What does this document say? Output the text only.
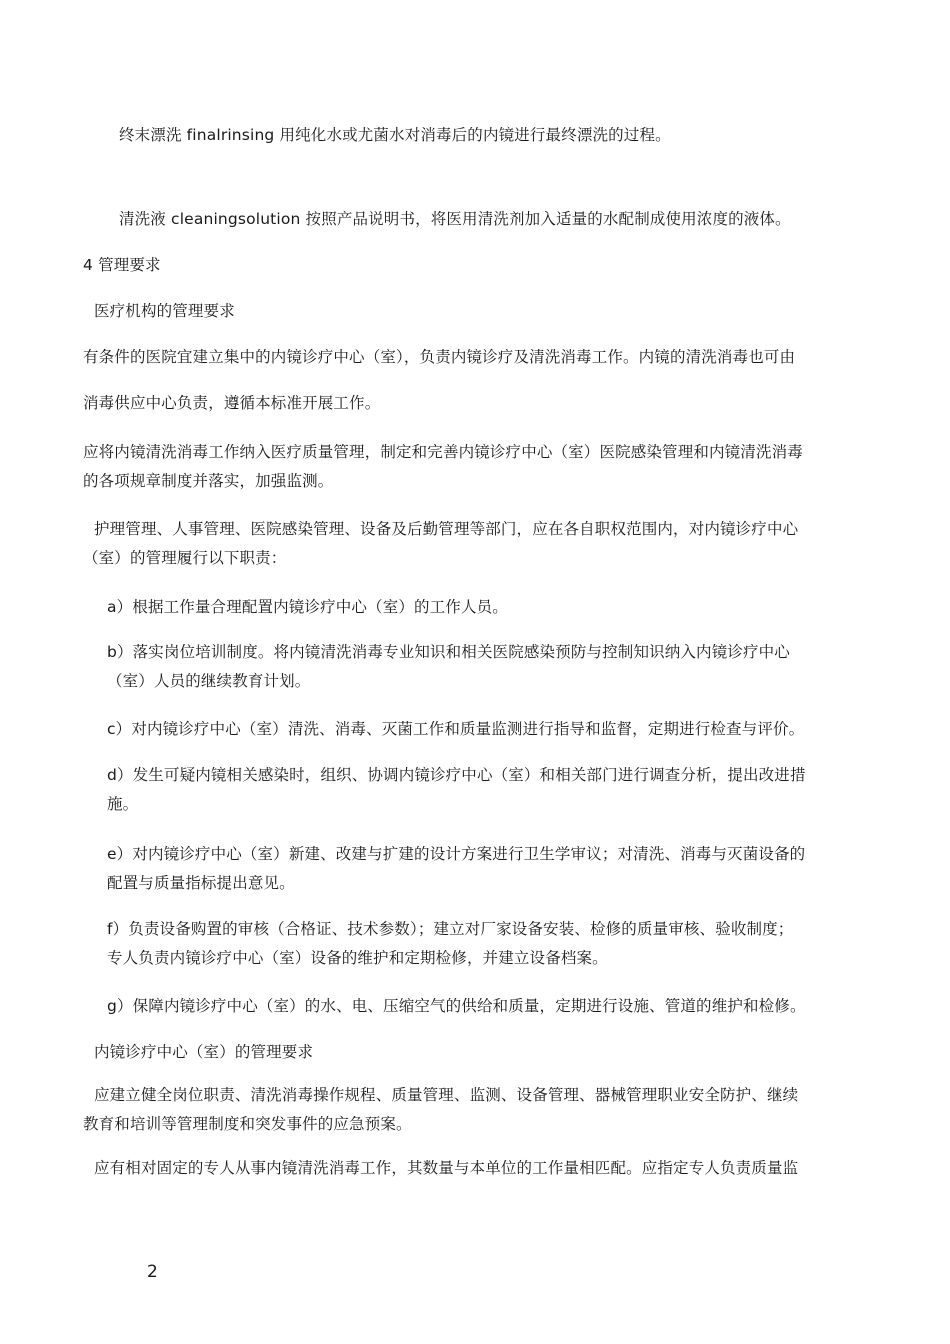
终末漂洗 finalrinsing 用纯化水或尤菌水对消毒后的内镜进行最终漂洗的过程。
清洗液 cleaningsolution 按照产品说明书，将医用清洗剂加入适量的水配制成使用浓度的液体。
4 管理要求
医疗机构的管理要求
有条件的医院宜建立集中的内镜诊疗中心（室），负责内镜诊疗及清洗消毒工作。内镜的清洗消毒也可由
消毒供应中心负责，遵循本标准开展工作。
应将内镜清洗消毒工作纳入医疗质量管理，制定和完善内镜诊疗中心（室）医院感染管理和内镜清洗消毒
的各项规章制度并落实，加强监测。
护理管理、人事管理、医院感染管理、设备及后勤管理等部门，应在各自职权范围内，对内镜诊疗中心
（室）的管理履行以下职责：
a）根据工作量合理配置内镜诊疗中心（室）的工作人员。
b）落实岗位培训制度。将内镜清洗消毒专业知识和相关医院感染预防与控制知识纳入内镜诊疗中心
（室）人员的继续教育计划。
c）对内镜诊疗中心（室）清洗、消毒、灭菌工作和质量监测进行指导和监督，定期进行检查与评价。
d）发生可疑内镜相关感染时，组织、协调内镜诊疗中心（室）和相关部门进行调查分析，提出改进措
施。
e）对内镜诊疗中心（室）新建、改建与扩建的设计方案进行卫生学审议；对清洗、消毒与灭菌设备的
配置与质量指标提出意见。
f）负责设备购置的审核（合格证、技术参数）；建立对厂家设备安装、检修的质量审核、验收制度；
专人负责内镜诊疗中心（室）设备的维护和定期检修，并建立设备档案。
g）保障内镜诊疗中心（室）的水、电、压缩空气的供给和质量，定期进行设施、管道的维护和检修。
内镜诊疗中心（室）的管理要求
应建立健全岗位职责、清洗消毒操作规程、质量管理、监测、设备管理、器械管理职业安全防护、继续
教育和培训等管理制度和突发事件的应急预案。
应有相对固定的专人从事内镜清洗消毒工作，其数量与本单位的工作量相匹配。应指定专人负责质量监
2
